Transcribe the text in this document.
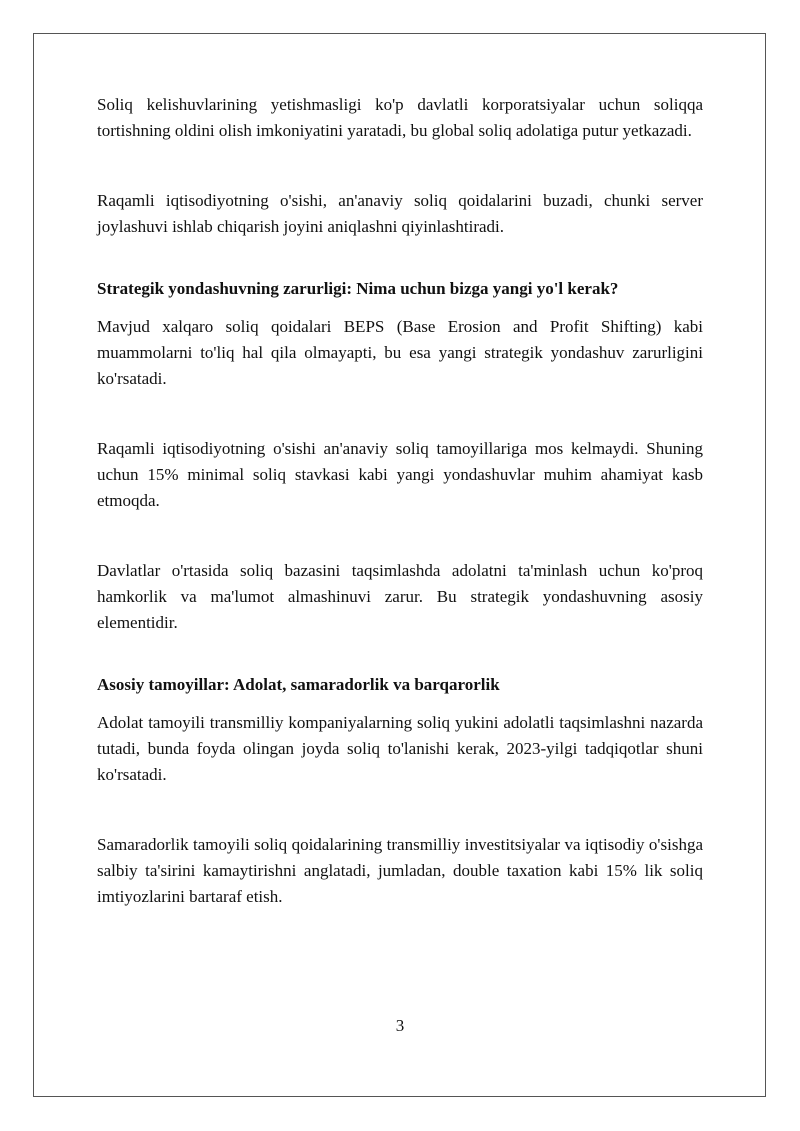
Soliq kelishuvlarining yetishmasligi ko'p davlatli korporatsiyalar uchun soliqqa tortishning oldini olish imkoniyatini yaratadi, bu global soliq adolatiga putur yetkazadi.

Raqamli iqtisodiyotning o'sishi, an'anaviy soliq qoidalarini buzadi, chunki server joylashuvi ishlab chiqarish joyini aniqlashni qiyinlashtiradi.

Strategik yondashuvning zarurligi: Nima uchun bizga yangi yo'l kerak?

Mavjud xalqaro soliq qoidalari BEPS (Base Erosion and Profit Shifting) kabi muammolarni to'liq hal qila olmayapti, bu esa yangi strategik yondashuv zarurligini ko'rsatadi.

Raqamli iqtisodiyotning o'sishi an'anaviy soliq tamoyillariga mos kelmaydi. Shuning uchun 15% minimal soliq stavkasi kabi yangi yondashuvlar muhim ahamiyat kasb etmoqda.

Davlatlar o'rtasida soliq bazasini taqsimlashda adolatni ta'minlash uchun ko'proq hamkorlik va ma'lumot almashinuvi zarur. Bu strategik yondashuvning asosiy elementidir.

Asosiy tamoyillar: Adolat, samaradorlik va barqarorlik

Adolat tamoyili transmilliy kompaniyalarning soliq yukini adolatli taqsimlashni nazarda tutadi, bunda foyda olingan joyda soliq to'lanishi kerak, 2023-yilgi tadqiqotlar shuni ko'rsatadi.

Samaradorlik tamoyili soliq qoidalarining transmilliy investitsiyalar va iqtisodiy o'sishga salbiy ta'sirini kamaytirishni anglatadi, jumladan, double taxation kabi 15% lik soliq imtiyozlarini bartaraf etish.

3
